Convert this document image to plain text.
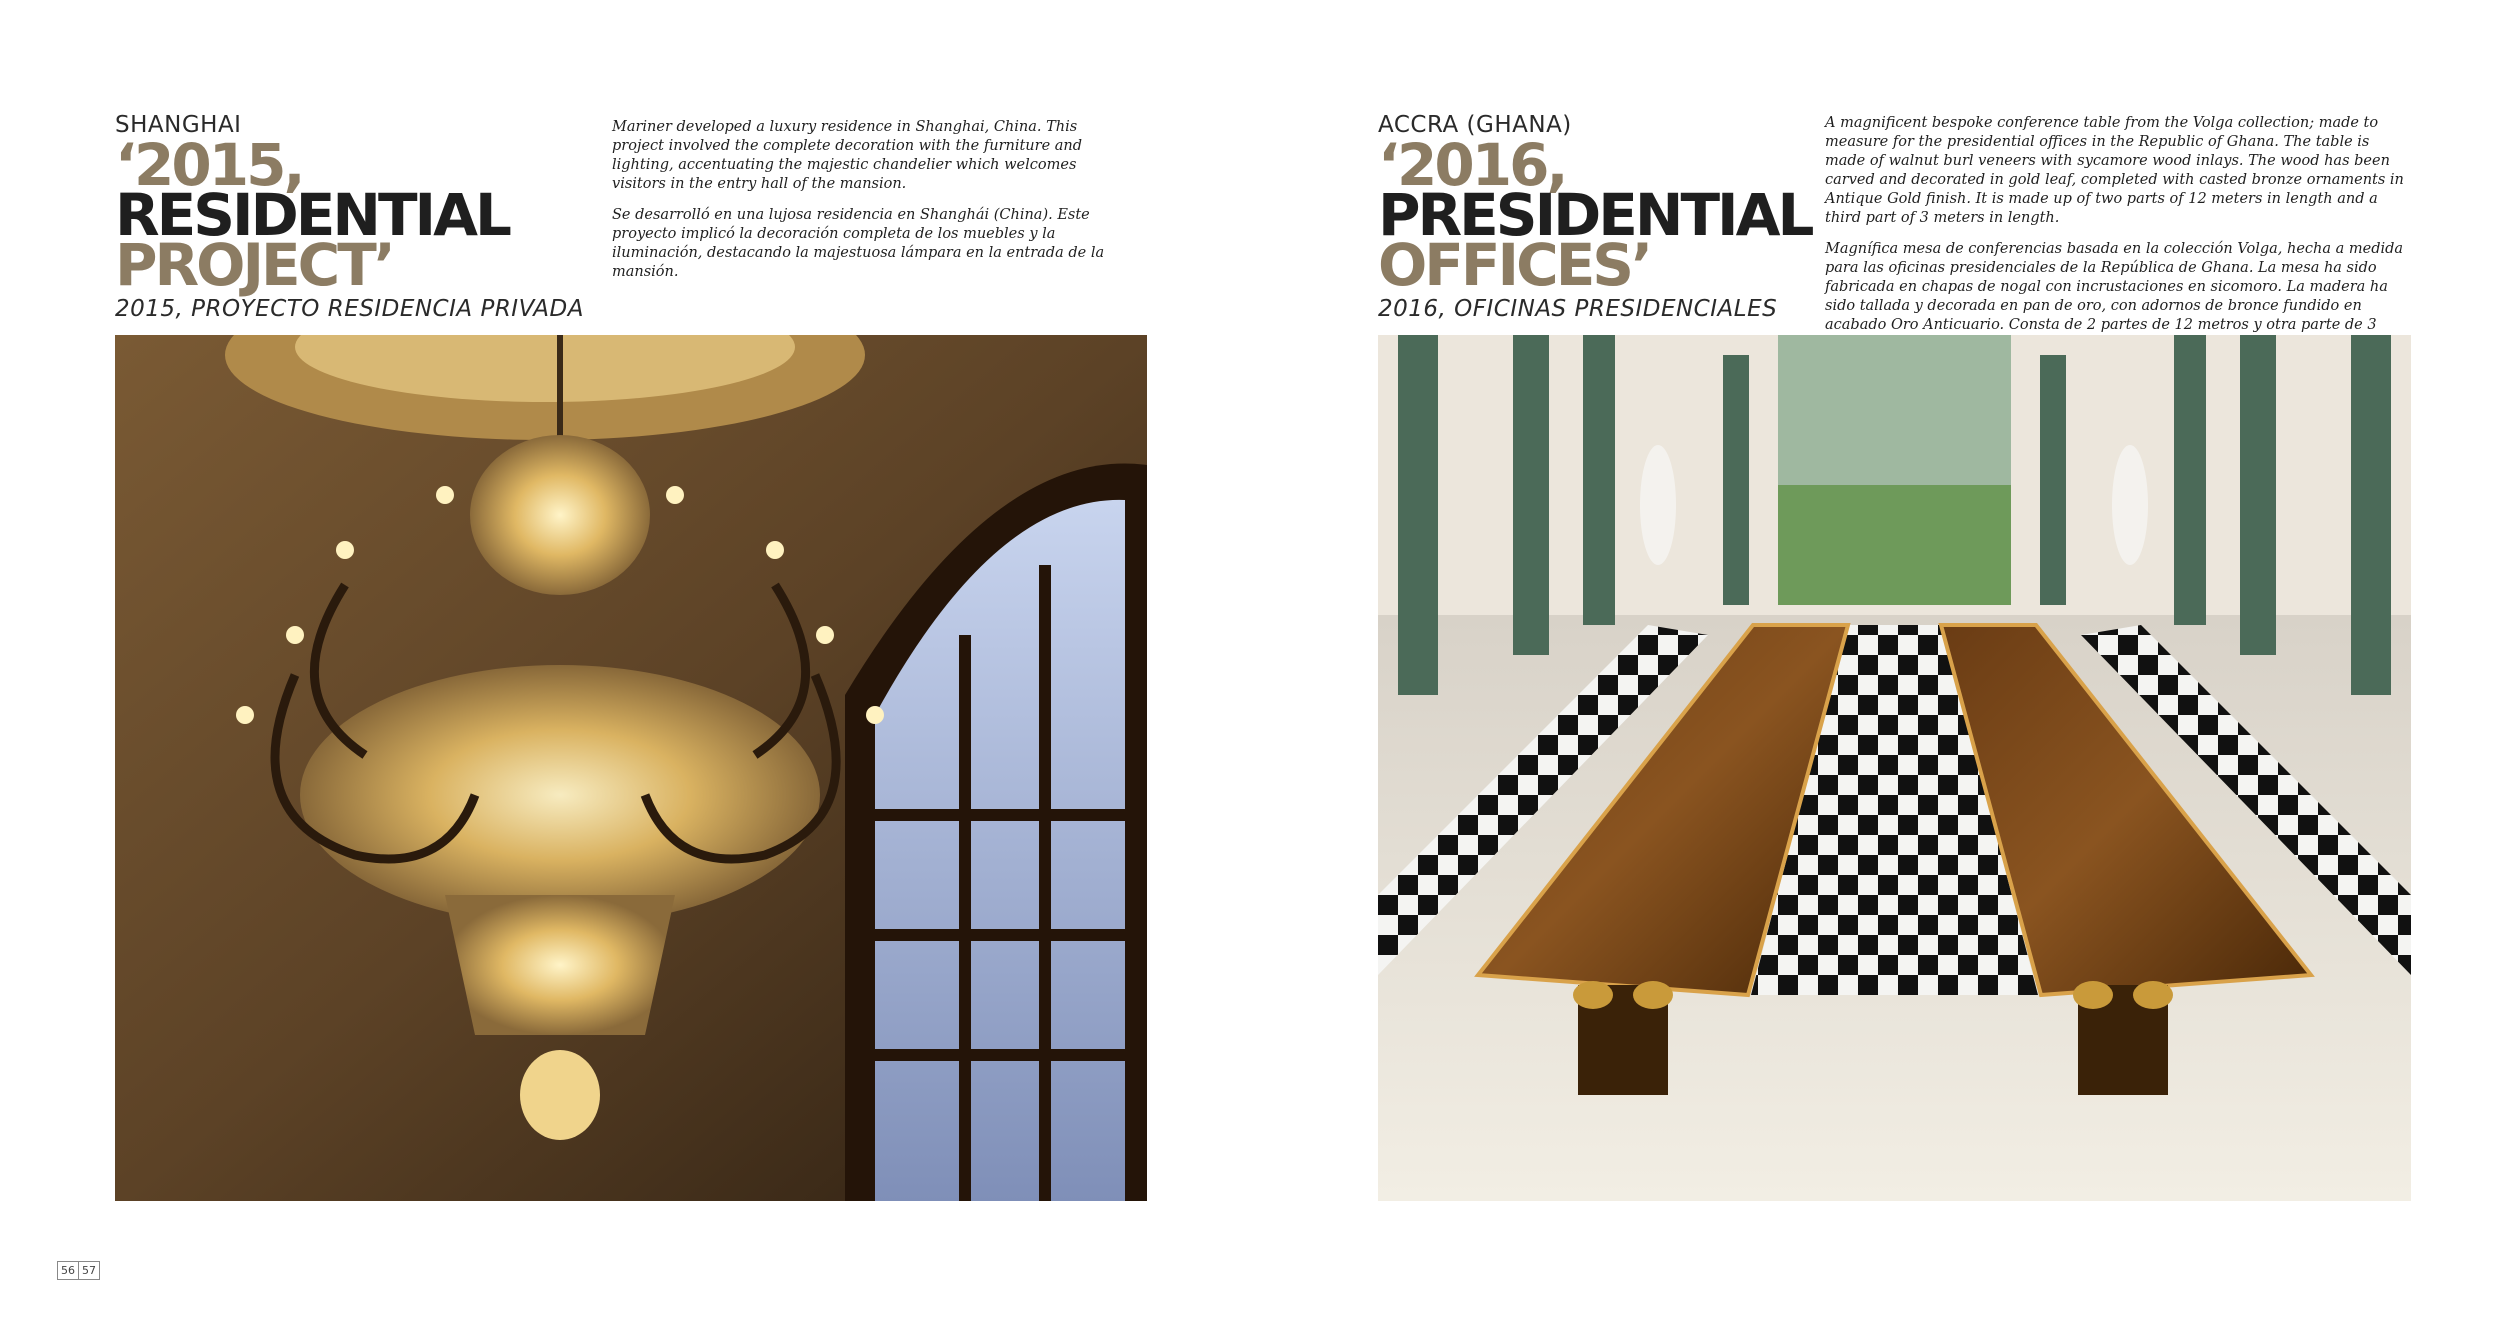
SHANGHAI
‘2015,
RESIDENTIAL
PROJECT’
2015, PROYECTO RESIDENCIA PRIVADA

Mariner developed a luxury residence in Shanghai, China. This project involved the complete decoration with the furniture and lighting, accentuating the majestic chandelier which welcomes visitors in the entry hall of the mansion.

Se desarrolló en una lujosa residencia en Shanghái (China). Este proyecto implicó la decoración completa de los muebles y la iluminación, destacando la majestuosa lámpara en la entrada de la mansión.

ACCRA (GHANA)
‘2016,
PRESIDENTIAL
OFFICES’
2016, OFICINAS PRESIDENCIALES

A magnificent bespoke conference table from the Volga collection; made to measure for the presidential offices in the Republic of Ghana. The table is made of walnut burl veneers with sycamore wood inlays. The wood has been carved and decorated in gold leaf, completed with casted bronze ornaments in Antique Gold finish. It is made up of two parts of 12 meters in length and a third part of 3 meters in length.

Magnífica mesa de conferencias basada en la colección Volga, hecha a medida para las oficinas presidenciales de la República de Ghana. La mesa ha sido fabricada en chapas de nogal con incrustaciones en sicomoro. La madera ha sido tallada y decorada en pan de oro, con adornos de bronce fundido en acabado Oro Anticuario. Consta de 2 partes de 12 metros y otra parte de 3

56 57
